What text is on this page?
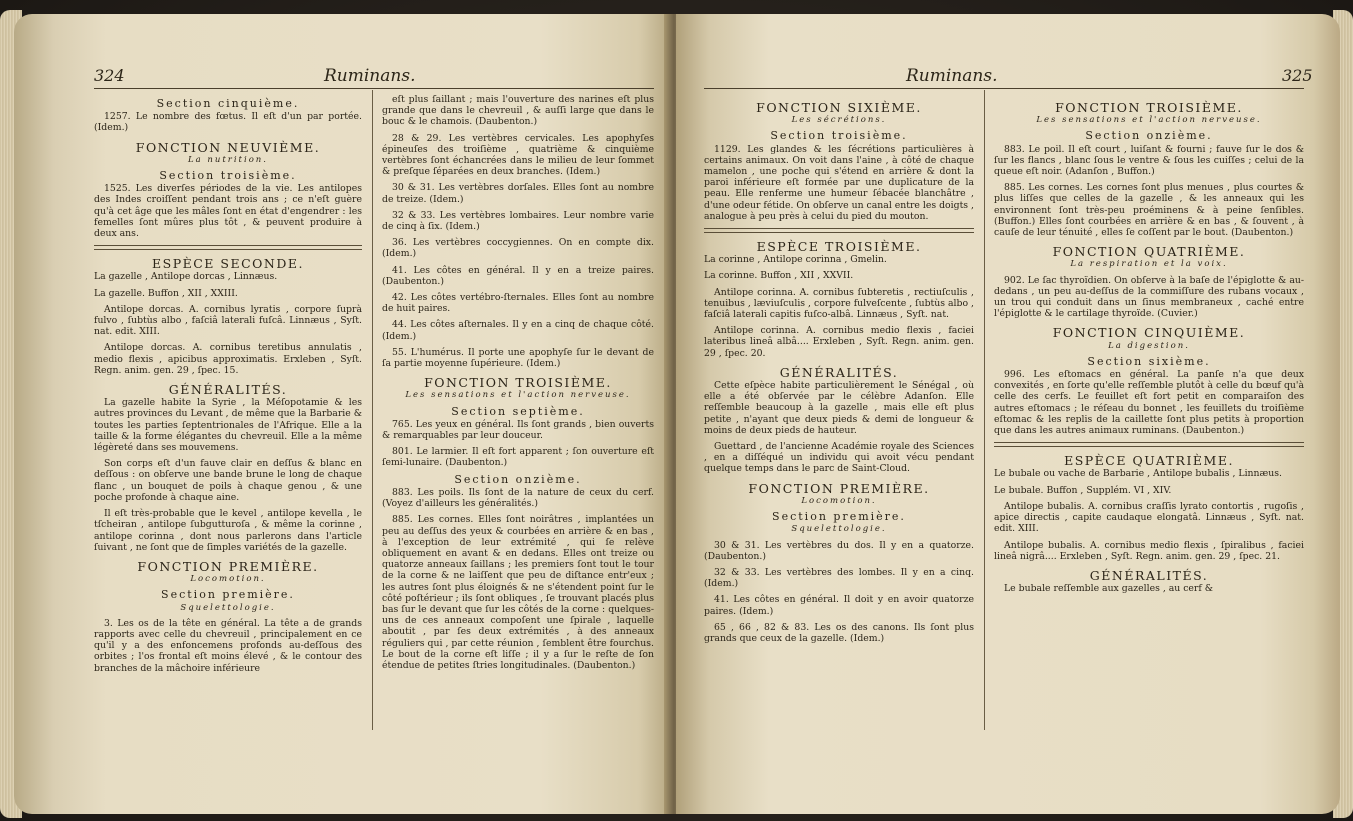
324	Ruminans.
Section cinquième.

1257. Le nombre des fœtus. Il eſt d'un par portée. (Idem.)

FONCTION NEUVIÈME.
La nutrition.
Section troisième.

1525. Les diverſes périodes de la vie. Les antilopes des Indes croiſſent pendant trois ans ; ce n'eſt guère qu'à cet âge que les mâles ſont en état d'engendrer : les femelles ſont mûres plus tôt , & peuvent produire à deux ans.

ESPÈCE SECONDE.

La gazelle , Antilope dorcas , Linnæus.

La gazelle. Buffon , XII , XXIII.

Antilope dorcas. A. cornibus lyratis , corpore ſuprà fulvo , ſubtùs albo , faſciâ laterali fuſcâ. Linnæus , Syſt. nat. edit. XIII.

Antilope dorcas. A. cornibus teretibus annulatis , medio flexis , apicibus approximatis. Erxleben , Syſt. Regn. anim. gen. 29 , ſpec. 15.

GÉNÉRALITÉS.

La gazelle habite la Syrie , la Méſopotamie & les autres provinces du Levant , de même que la Barbarie & toutes les parties ſeptentrionales de l'Afrique. Elle a la taille & la forme élégantes du chevreuil. Elle a la même légèreté dans ses mouvemens.

Son corps eſt d'un fauve clair en deſſus & blanc en deſſous : on obſerve une bande brune le long de chaque flanc , un bouquet de poils à chaque genou , & une poche profonde à chaque aine.

Il eſt très-probable que le kevel , antilope kevella , le tſcheiran , antilope ſubgutturoſa , & même la corinne , antilope corinna , dont nous parlerons dans l'article ſuivant , ne ſont que de ſimples variétés de la gazelle.

FONCTION PREMIÈRE.
Locomotion.
Section première.
Squelettologie.

3. Les os de la tête en général. La tête a de grands rapports avec celle du chevreuil , principalement en ce qu'il y a des enfoncemens profonds au-deſſous des orbites ; l'os frontal eſt moins élevé , & le contour des branches de la mâchoire inférieure

eſt plus ſaillant ; mais l'ouverture des narines eſt plus grande que dans le chevreuil , & auſſi large que dans le bouc & le chamois. (Daubenton.)

28 & 29. Les vertèbres cervicales. Les apophyſes épineuſes des troiſième , quatrième & cinquième vertèbres ſont échancrées dans le milieu de leur ſommet & preſque ſéparées en deux branches. (Idem.)

30 & 31. Les vertèbres dorſales. Elles ſont au nombre de treize. (Idem.)

32 & 33. Les vertèbres lombaires. Leur nombre varie de cinq à ſix. (Idem.)

36. Les vertèbres coccygiennes. On en compte dix. (Idem.)

41. Les côtes en général. Il y en a treize paires. (Daubenton.)

42. Les côtes vertébro-ſternales. Elles ſont au nombre de huit paires.

44. Les côtes aſternales. Il y en a cinq de chaque côté. (Idem.)

55. L'humérus. Il porte une apophyſe ſur le devant de ſa partie moyenne ſupérieure. (Idem.)

FONCTION TROISIÈME.
Les sensations et l'action nerveuse.
Section septième.

765. Les yeux en général. Ils ſont grands , bien ouverts & remarquables par leur douceur.

801. Le larmier. Il eſt fort apparent ; ſon ouverture eſt ſemi-lunaire. (Daubenton.)

Section onzième.

883. Les poils. Ils ſont de la nature de ceux du cerf. (Voyez d'ailleurs les généralités.)

885. Les cornes. Elles ſont noirâtres , implantées un peu au deſſus des yeux & courbées en arrière & en bas , à l'exception de leur extrémité , qui ſe relève obliquement en avant & en dedans. Elles ont treize ou quatorze anneaux ſaillans ; les premiers ſont tout le tour de la corne & ne laiſſent que peu de diſtance entr'eux ; les autres ſont plus éloignés & ne s'étendent point ſur le côté poſtérieur ; ils ſont obliques , ſe trouvant placés plus bas ſur le devant que ſur les côtés de la corne : quelques-uns de ces anneaux compoſent une ſpirale , laquelle aboutit , par ſes deux extrémités , à des anneaux réguliers qui , par cette réunion , ſemblent être fourchus. Le bout de la corne eſt liſſe ; il y a ſur le reſte de ſon étendue de petites ſtries longitudinales. (Daubenton.)

Ruminans.	325
FONCTION SIXIÈME.
Les sécrétions.
Section troisième.

1129. Les glandes & les ſécrétions particulières à certains animaux. On voit dans l'aine , à côté de chaque mamelon , une poche qui s'étend en arrière & dont la paroi inférieure eſt formée par une duplicature de la peau. Elle renferme une humeur ſébacée blanchâtre , d'une odeur fétide. On obſerve un canal entre les doigts , analogue à peu près à celui du pied du mouton.

ESPÈCE TROISIÈME.

La corinne , Antilope corinna , Gmelin.

La corinne. Buffon , XII , XXVII.

Antilope corinna. A. cornibus ſubteretis , rectiuſculis , tenuibus , læviuſculis , corpore fulveſcente , ſubtùs albo , faſciâ laterali capitis fuſco-albâ. Linnæus , Syſt. nat.

Antilope corinna. A. cornibus medio flexis , faciei lateribus lineâ albâ.... Erxleben , Syſt. Regn. anim. gen. 29 , ſpec. 20.

GÉNÉRALITÉS.

Cette eſpèce habite particulièrement le Sénégal , où elle a été obſervée par le célèbre Adanſon. Elle reſſemble beaucoup à la gazelle , mais elle eſt plus petite , n'ayant que deux pieds & demi de longueur & moins de deux pieds de hauteur.

Guettard , de l'ancienne Académie royale des Sciences , en a diſſéqué un individu qui avoit vécu pendant quelque temps dans le parc de Saint-Cloud.

FONCTION PREMIÈRE.
Locomotion.
Section première.
Squelettologie.

30 & 31. Les vertèbres du dos. Il y en a quatorze. (Daubenton.)

32 & 33. Les vertèbres des lombes. Il y en a cinq. (Idem.)

41. Les côtes en général. Il doit y en avoir quatorze paires. (Idem.)

65 , 66 , 82 & 83. Les os des canons. Ils ſont plus grands que ceux de la gazelle. (Idem.)

FONCTION TROISIÈME.
Les sensations et l'action nerveuse.
Section onzième.

883. Le poil. Il eſt court , luiſant & fourni ; fauve ſur le dos & ſur les flancs , blanc ſous le ventre & ſous les cuiſſes ; celui de la queue eſt noir. (Adanſon , Buffon.)

885. Les cornes. Les cornes ſont plus menues , plus courtes & plus liſſes que celles de la gazelle , & les anneaux qui les environnent ſont très-peu proéminens & à peine ſenſibles. (Buffon.) Elles ſont courbées en arrière & en bas , & ſouvent , à cauſe de leur ténuité , elles ſe coſſent par le bout. (Daubenton.)

FONCTION QUATRIÈME.
La respiration et la voix.

902. Le ſac thyroïdien. On obſerve à la baſe de l'épiglotte & au-dedans , un peu au-deſſus de la commiſſure des rubans vocaux , un trou qui conduit dans un ſinus membraneux , caché entre l'épiglotte & le cartilage thyroïde. (Cuvier.)

FONCTION CINQUIÈME.
La digestion.
Section sixième.

996. Les eſtomacs en général. La panſe n'a que deux convexités , en ſorte qu'elle reſſemble plutôt à celle du bœuf qu'à celle des cerfs. Le feuillet eſt fort petit en comparaiſon des autres eſtomacs ; le réſeau du bonnet , les feuillets du troiſième eſtomac & les replis de la caillette ſont plus petits à proportion que dans les autres animaux ruminans. (Daubenton.)

ESPÈCE QUATRIÈME.

Le bubale ou vache de Barbarie , Antilope bubalis , Linnæus.

Le bubale. Buffon , Supplém. VI , XIV.

Antilope bubalis. A. cornibus craſſis lyrato contortis , rugoſis , apice directis , capite caudaque elongatâ. Linnæus , Syſt. nat. edit. XIII.

Antilope bubalis. A. cornibus medio flexis , ſpiralibus , faciei lineâ nigrâ.... Erxleben , Syſt. Regn. anim. gen. 29 , ſpec. 21.

GÉNÉRALITÉS.

Le bubale reſſemble aux gazelles , au cerf &
